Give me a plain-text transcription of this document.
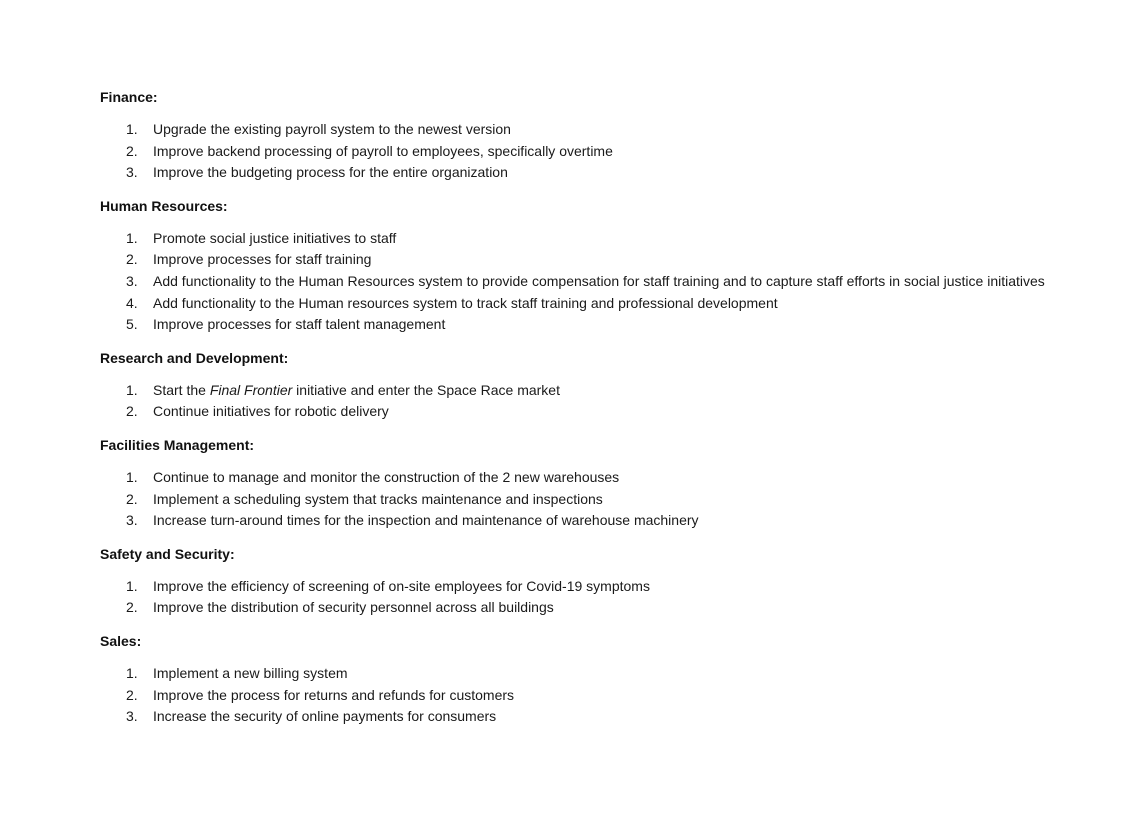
Finance:
1.	Upgrade the existing payroll system to the newest version
2.	Improve backend processing of payroll to employees, specifically overtime
3.	Improve the budgeting process for the entire organization
Human Resources:
1.	Promote social justice initiatives to staff
2.	Improve processes for staff training
3.	Add functionality to the Human Resources system to provide compensation for staff training and to capture staff efforts in social justice initiatives
4.	Add functionality to the Human resources system to track staff training and professional development
5.	Improve processes for staff talent management
Research and Development:
1.	Start the Final Frontier initiative and enter the Space Race market
2.	Continue initiatives for robotic delivery
Facilities Management:
1.	Continue to manage and monitor the construction of the 2 new warehouses
2.	Implement a scheduling system that tracks maintenance and inspections
3.	Increase turn-around times for the inspection and maintenance of warehouse machinery
Safety and Security:
1.	Improve the efficiency of screening of on-site employees for Covid-19 symptoms
2.	Improve the distribution of security personnel across all buildings
Sales:
1.	Implement a new billing system
2.	Improve the process for returns and refunds for customers
3.	Increase the security of online payments for consumers
